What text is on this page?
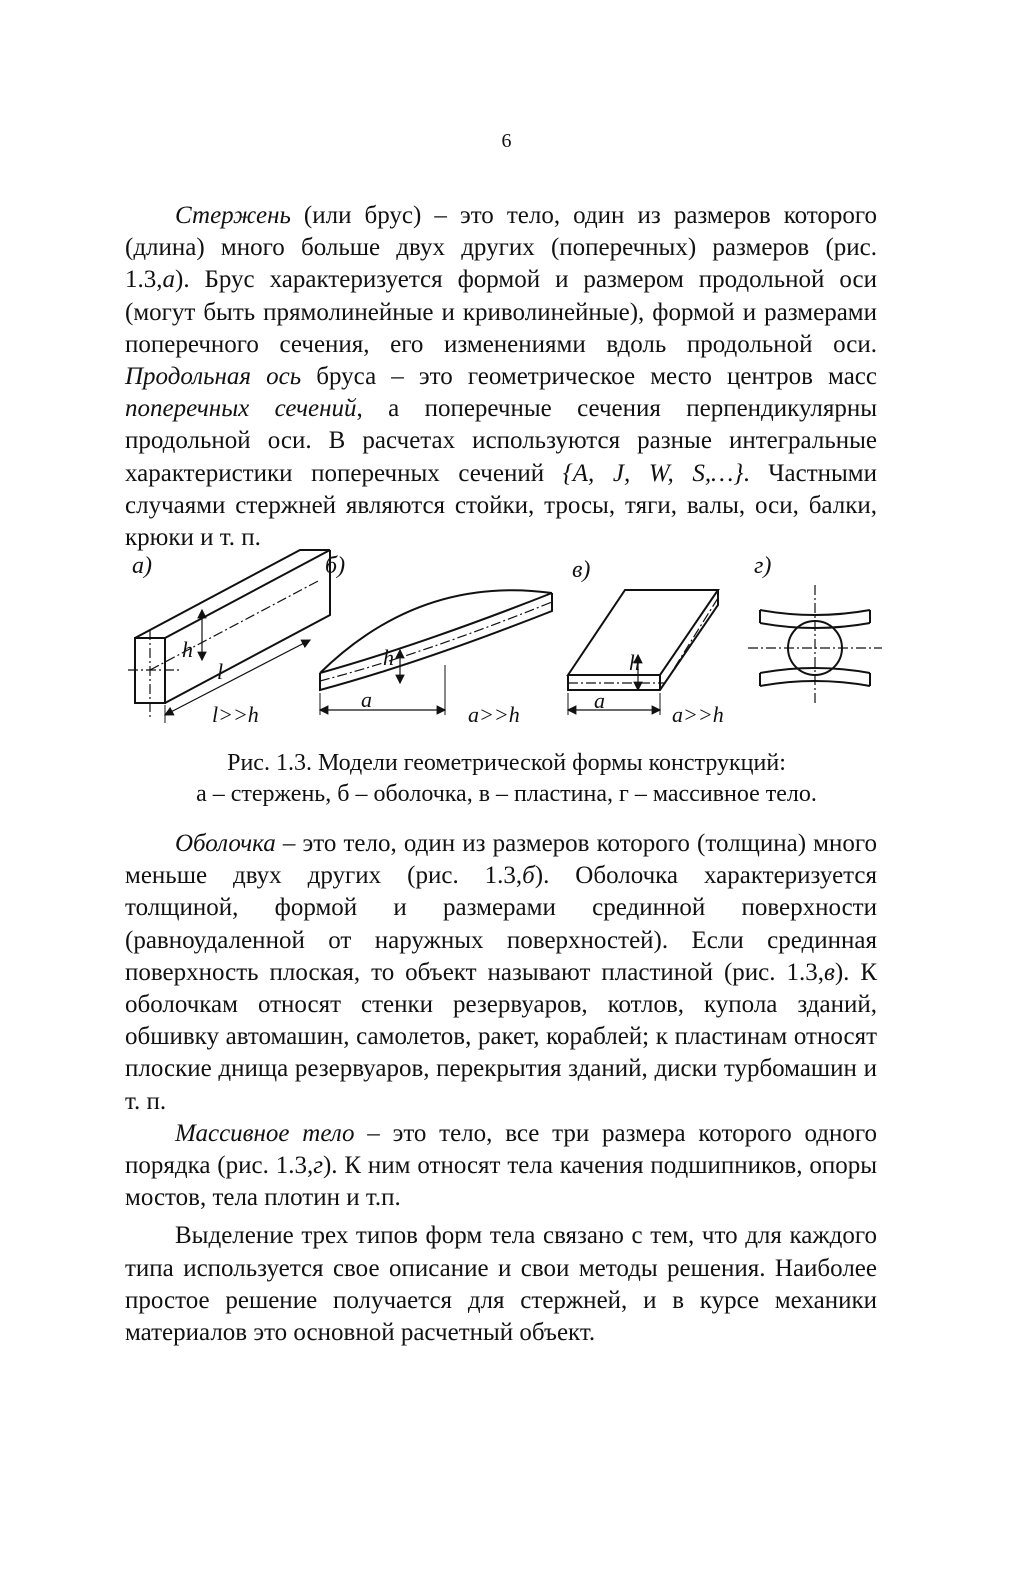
6

Стержень (или брус) – это тело, один из размеров которого (длина) много больше двух других (поперечных) размеров (рис. 1.3,а). Брус характеризуется формой и размером продольной оси (могут быть прямолинейные и криволинейные), формой и размерами поперечного сечения, его изменениями вдоль продольной оси. Продольная ось бруса – это геометрическое место центров масс поперечных сечений, а поперечные сечения перпендикулярны продольной оси. В расчетах используются разные интегральные характеристики поперечных сечений {A, J, W, S,…}. Частными случаями стержней являются стойки, тросы, тяги, валы, оси, балки, крюки и т. п.

а)	б)	в)	г)
h
l
l>>h
h
a
a>>h
h
a
a>>h
Рис. 1.3. Модели геометрической формы конструкций:
а – стержень, б – оболочка, в – пластина, г – массивное тело.

Оболочка – это тело, один из размеров которого (толщина) много меньше двух других (рис. 1.3,б). Оболочка характеризуется толщиной, формой и размерами срединной поверхности (равноудаленной от наружных поверхностей). Если срединная поверхность плоская, то объект называют пластиной (рис. 1.3,в). К оболочкам относят стенки резервуаров, котлов, купола зданий, обшивку автомашин, самолетов, ракет, кораблей; к пластинам относят плоские днища резервуаров, перекрытия зданий, диски турбомашин и т. п.

Массивное тело – это тело, все три размера которого одного порядка (рис. 1.3,г). К ним относят тела качения подшипников, опоры мостов, тела плотин и т.п.

Выделение трех типов форм тела связано с тем, что для каждого типа используется свое описание и свои методы решения. Наиболее простое решение получается для стержней, и в курсе механики материалов это основной расчетный объект.
